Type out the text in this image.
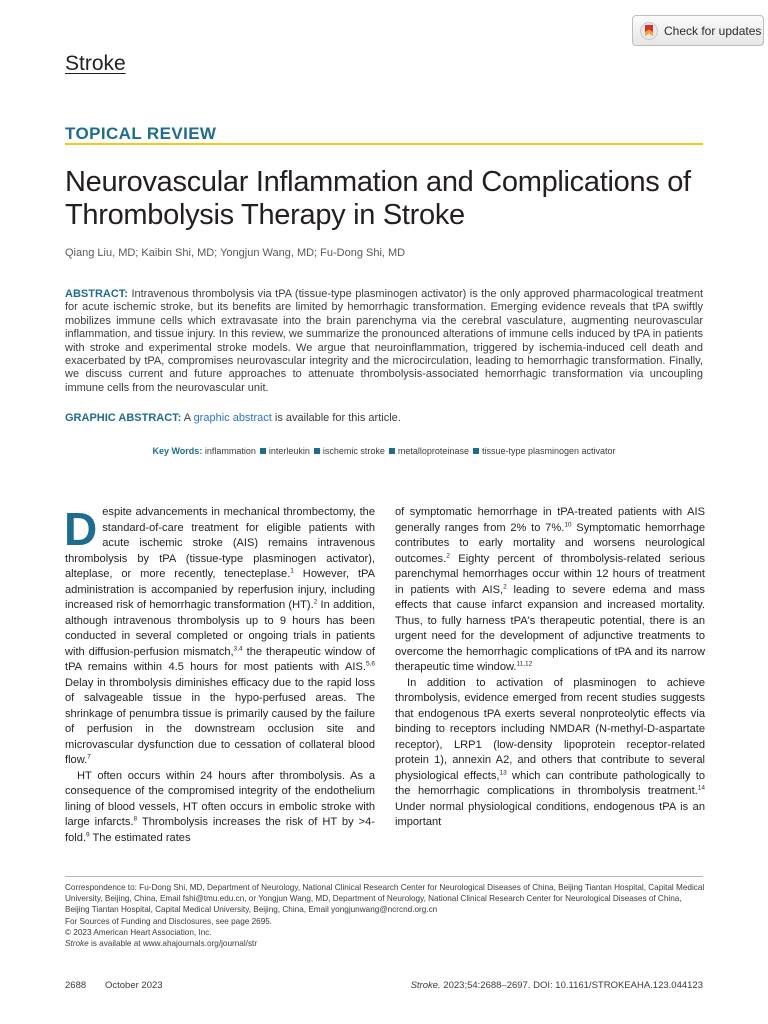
Check for updates
Stroke
TOPICAL REVIEW
Neurovascular Inflammation and Complications of Thrombolysis Therapy in Stroke
Qiang Liu, MD; Kaibin Shi, MD; Yongjun Wang, MD; Fu-Dong Shi, MD

ABSTRACT: Intravenous thrombolysis via tPA (tissue-type plasminogen activator) is the only approved pharmacological treatment for acute ischemic stroke, but its benefits are limited by hemorrhagic transformation. Emerging evidence reveals that tPA swiftly mobilizes immune cells which extravasate into the brain parenchyma via the cerebral vasculature, augmenting neurovascular inflammation, and tissue injury. In this review, we summarize the pronounced alterations of immune cells induced by tPA in patients with stroke and experimental stroke models. We argue that neuroinflammation, triggered by ischemia-induced cell death and exacerbated by tPA, compromises neurovascular integrity and the microcirculation, leading to hemorrhagic transformation. Finally, we discuss current and future approaches to attenuate thrombolysis-associated hemorrhagic transformation via uncoupling immune cells from the neurovascular unit.

GRAPHIC ABSTRACT: A graphic abstract is available for this article.
Key Words: inflammation interleukin ischemic stroke metalloproteinase tissue-type plasminogen activator

Despite advancements in mechanical thrombectomy, the standard-of-care treatment for eligible patients with acute ischemic stroke (AIS) remains intravenous thrombolysis by tPA (tissue-type plasminogen activator), alteplase, or more recently, tenecteplase.$^1$ However, tPA administration is accompanied by reperfusion injury, including increased risk of hemorrhagic transformation (HT).$^2$ In addition, although intravenous thrombolysis up to 9 hours has been conducted in several completed or ongoing trials in patients with diffusion-perfusion mismatch,$^{3,4}$ the therapeutic window of tPA remains within 4.5 hours for most patients with AIS.$^{5,6}$ Delay in thrombolysis diminishes efficacy due to the rapid loss of salvageable tissue in the hypo-perfused areas. The shrinkage of penumbra tissue is primarily caused by the failure of perfusion in the downstream occlusion site and microvascular dysfunction due to cessation of collateral blood flow.$^7$

HT often occurs within 24 hours after thrombolysis. As a consequence of the compromised integrity of the endothelium lining of blood vessels, HT often occurs in embolic stroke with large infarcts.$^8$ Thrombolysis increases the risk of HT by >4-fold.$^9$ The estimated rates

of symptomatic hemorrhage in tPA-treated patients with AIS generally ranges from 2% to 7%.$^{10}$ Symptomatic hemorrhage contributes to early mortality and worsens neurological outcomes.$^2$ Eighty percent of thrombolysis-related serious parenchymal hemorrhages occur within 12 hours of treatment in patients with AIS,$^2$ leading to severe edema and mass effects that cause infarct expansion and increased mortality. Thus, to fully harness tPA's therapeutic potential, there is an urgent need for the development of adjunctive treatments to overcome the hemorrhagic complications of tPA and its narrow therapeutic time window.$^{11,12}$

In addition to activation of plasminogen to achieve thrombolysis, evidence emerged from recent studies suggests that endogenous tPA exerts several nonproteolytic effects via binding to receptors including NMDAR (N-methyl-D-aspartate receptor), LRP1 (low-density lipoprotein receptor-related protein 1), annexin A2, and others that contribute to several physiological effects,$^{13}$ which can contribute pathologically to the hemorrhagic complications in thrombolysis treatment.$^{14}$ Under normal physiological conditions, endogenous tPA is an important

Correspondence to: Fu-Dong Shi, MD, Department of Neurology, National Clinical Research Center for Neurological Diseases of China, Beijing Tiantan Hospital, Capital Medical University, Beijing, China, Email fshi@tmu.edu.cn, or Yongjun Wang, MD, Department of Neurology, National Clinical Research Center for Neurological Diseases of China, Beijing Tiantan Hospital, Capital Medical University, Beijing, China, Email yongjunwang@ncrcnd.org.cn
For Sources of Funding and Disclosures, see page 2695.
© 2023 American Heart Association, Inc.
Stroke is available at www.ahajournals.org/journal/str
2688 October 2023	Stroke. 2023;54:2688–2697. DOI: 10.1161/STROKEAHA.123.044123
